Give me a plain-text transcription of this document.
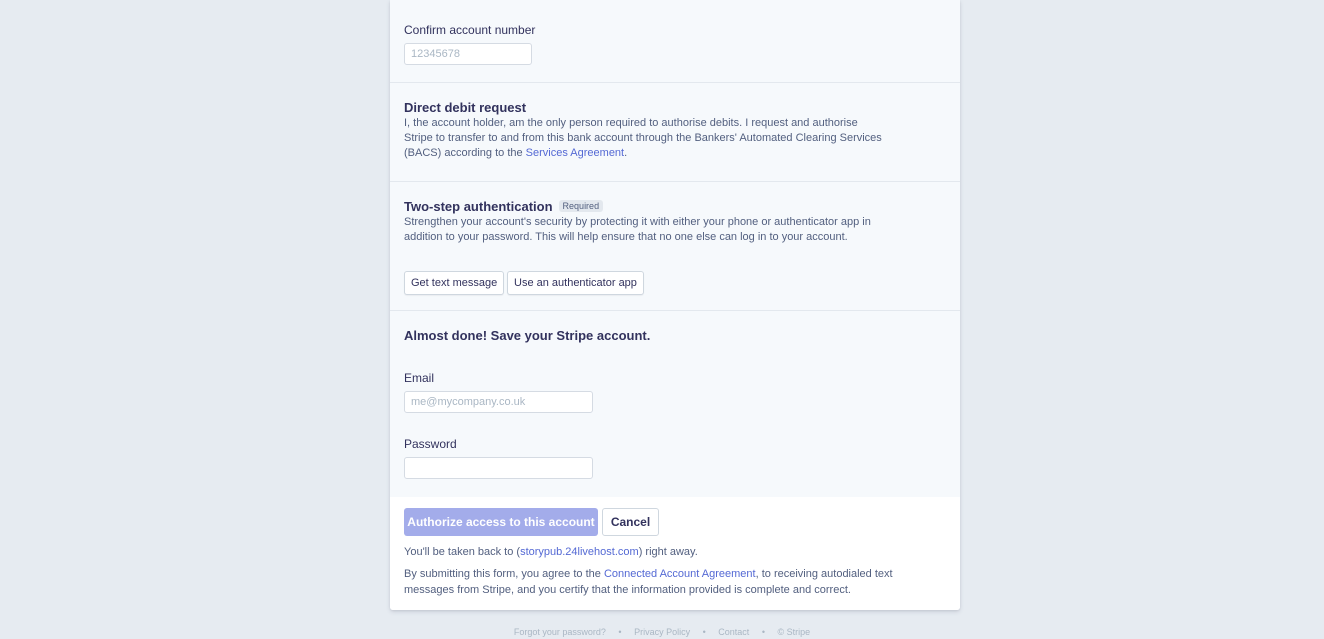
Confirm account number
12345678
Direct debit request
I, the account holder, am the only person required to authorise debits. I request and authorise Stripe to transfer to and from this bank account through the Bankers' Automated Clearing Services (BACS) according to the Services Agreement.
Two-step authentication Required
Strengthen your account's security by protecting it with either your phone or authenticator app in addition to your password. This will help ensure that no one else can log in to your account.
Get text message	Use an authenticator app
Almost done! Save your Stripe account.
Email
me@mycompany.co.uk
Password
Authorize access to this account	Cancel
You'll be taken back to (storypub.24livehost.com) right away.
By submitting this form, you agree to the Connected Account Agreement, to receiving autodialed text messages from Stripe, and you certify that the information provided is complete and correct.
Forgot your password? • Privacy Policy • Contact • © Stripe
